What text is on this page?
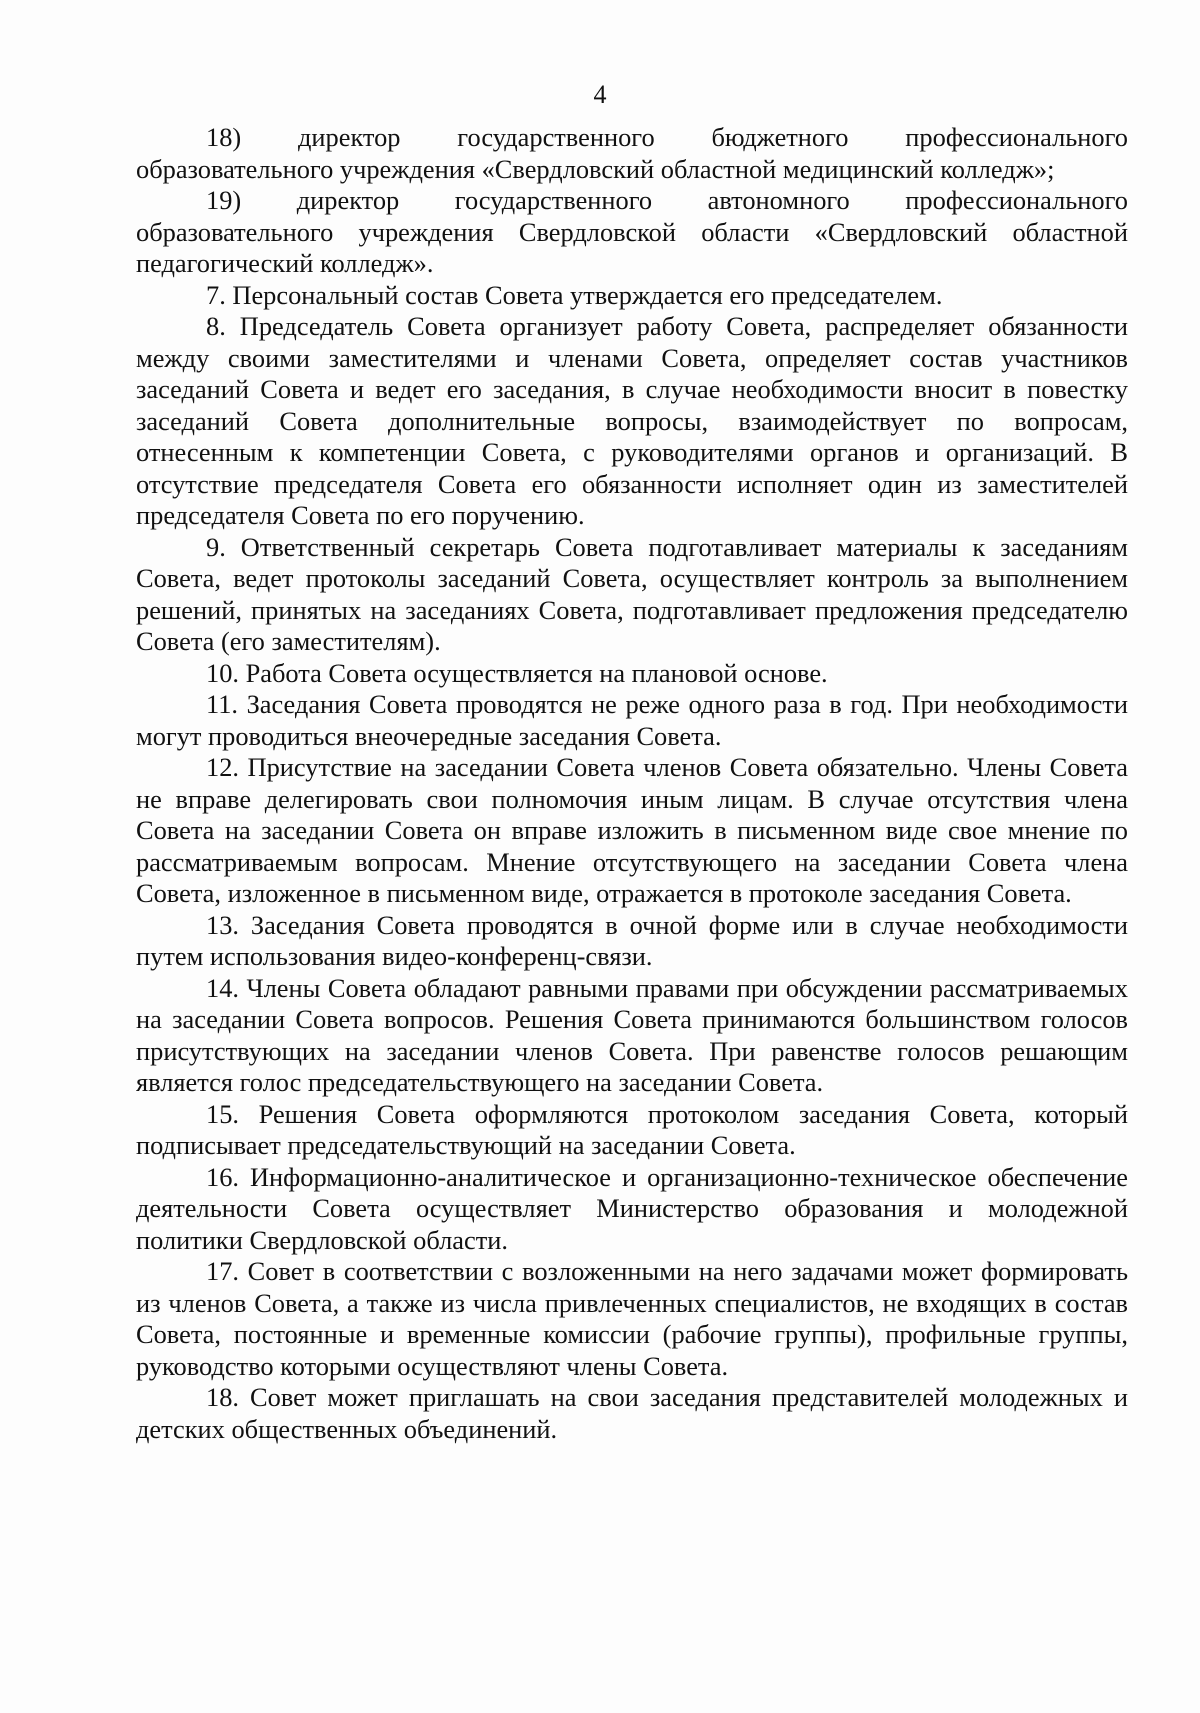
4

18) директор государственного бюджетного профессионального образовательного учреждения «Свердловский областной медицинский колледж»;

19) директор государственного автономного профессионального образовательного учреждения Свердловской области «Свердловский областной педагогический колледж».

7. Персональный состав Совета утверждается его председателем.

8. Председатель Совета организует работу Совета, распределяет обязанности между своими заместителями и членами Совета, определяет состав участников заседаний Совета и ведет его заседания, в случае необходимости вносит в повестку заседаний Совета дополнительные вопросы, взаимодействует по вопросам, отнесенным к компетенции Совета, с руководителями органов и организаций. В отсутствие председателя Совета его обязанности исполняет один из заместителей председателя Совета по его поручению.

9. Ответственный секретарь Совета подготавливает материалы к заседаниям Совета, ведет протоколы заседаний Совета, осуществляет контроль за выполнением решений, принятых на заседаниях Совета, подготавливает предложения председателю Совета (его заместителям).

10. Работа Совета осуществляется на плановой основе.

11. Заседания Совета проводятся не реже одного раза в год. При необходимости могут проводиться внеочередные заседания Совета.

12. Присутствие на заседании Совета членов Совета обязательно. Члены Совета не вправе делегировать свои полномочия иным лицам. В случае отсутствия члена Совета на заседании Совета он вправе изложить в письменном виде свое мнение по рассматриваемым вопросам. Мнение отсутствующего на заседании Совета члена Совета, изложенное в письменном виде, отражается в протоколе заседания Совета.

13. Заседания Совета проводятся в очной форме или в случае необходимости путем использования видео-конференц-связи.

14. Члены Совета обладают равными правами при обсуждении рассматриваемых на заседании Совета вопросов. Решения Совета принимаются большинством голосов присутствующих на заседании членов Совета. При равенстве голосов решающим является голос председательствующего на заседании Совета.

15. Решения Совета оформляются протоколом заседания Совета, который подписывает председательствующий на заседании Совета.

16. Информационно-аналитическое и организационно-техническое обеспечение деятельности Совета осуществляет Министерство образования и молодежной политики Свердловской области.

17. Совет в соответствии с возложенными на него задачами может формировать из членов Совета, а также из числа привлеченных специалистов, не входящих в состав Совета, постоянные и временные комиссии (рабочие группы), профильные группы, руководство которыми осуществляют члены Совета.

18. Совет может приглашать на свои заседания представителей молодежных и детских общественных объединений.
